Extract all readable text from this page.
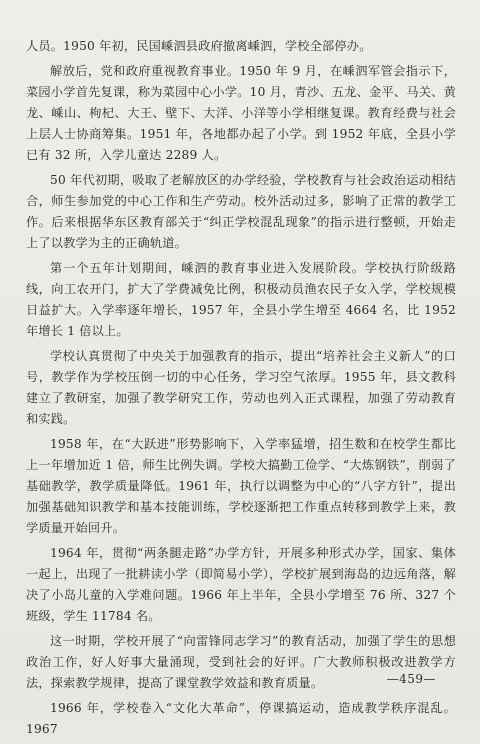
人员。1950 年初，民国嵊泗县政府撤离嵊泗，学校全部停办。

解放后，党和政府重视教育事业。1950 年 9 月，在嵊泗军管会指示下，菜园小学首先复课，称为菜园中心小学。10 月，青沙、五龙、金平、马关、黄龙、嵊山、枸杞、大王、壁下、大洋、小洋等小学相继复课。教育经费与社会上层人士协商筹集。1951 年，各地都办起了小学。到 1952 年底，全县小学已有 32 所，入学儿童达 2289 人。

50 年代初期，吸取了老解放区的办学经验，学校教育与社会政治运动相结合，师生参加党的中心工作和生产劳动。校外活动过多，影响了正常的教学工作。后来根据华东区教育部关于“纠正学校混乱现象”的指示进行整顿，开始走上了以教学为主的正确轨道。

第一个五年计划期间，嵊泗的教育事业进入发展阶段。学校执行阶级路线，向工农开门，扩大了学费减免比例，积极动员渔农民子女入学，学校规模日益扩大。入学率逐年增长，1957 年，全县小学生增至 4664 名，比 1952 年增长 1 倍以上。

学校认真贯彻了中央关于加强教育的指示，提出“培养社会主义新人”的口号，教学作为学校压倒一切的中心任务，学习空气浓厚。1955 年，县文教科建立了教研室，加强了教学研究工作，劳动也列入正式课程，加强了劳动教育和实践。

1958 年，在“大跃进”形势影响下，入学率猛增，招生数和在校学生都比上一年增加近 1 倍，师生比例失调。学校大搞勤工俭学、“大炼钢铁”，削弱了基础教学，教学质量降低。1961 年，执行以调整为中心的“八字方针”，提出加强基础知识教学和基本技能训练，学校逐渐把工作重点转移到教学上来，教学质量开始回升。

1964 年，贯彻“两条腿走路”办学方针，开展多种形式办学，国家、集体一起上，出现了一批耕读小学（即简易小学），学校扩展到海岛的边远角落，解决了小岛儿童的入学难问题。1966 年上半年，全县小学增至 76 所、327 个班级，学生 11784 名。

这一时期，学校开展了“向雷锋同志学习”的教育活动，加强了学生的思想政治工作，好人好事大量涌现，受到社会的好评。广大教师积极改进教学方法，探索教学规律，提高了课堂教学效益和教育质量。

1966 年，学校卷入“文化大革命”，停课搞运动，造成教学秩序混乱。1967

—459—
